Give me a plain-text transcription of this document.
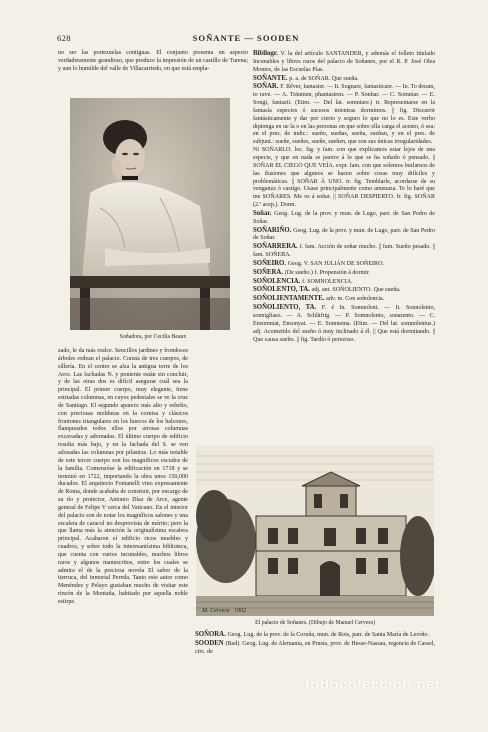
628	SOÑANTE — SOODEN

no ser las portezuelas contiguas. El conjunto presenta un aspecto verdaderamente grandioso, que produce la impresión de un castillo de Turena; y aun lo humilde del valle de Villacarriedo, en que está empla-

Soñadora, por Cecilia Beaux

zado, le da más realce. Sencillos jardines y frondosos árboles rodean el palacio. Consta de tres cuerpos, de sillería. En el centro se alza la antigua torre de los Arce. Las fachadas N. y poniente están sin concluir, y de las otras dos es difícil asegurar cuál sea la principal. El primer cuerpo, muy elegante, tiene estriadas columnas, en cuyos pedestales se ve la cruz de Santiago. El segundo aparece más alto y esbelto, con preciosas molduras en la cornisa y clásicos frontones triangulares en los huecos de los balcones, flanqueados todos ellos por airosas columnas excavadas y adornadas. El último cuerpo de edificio resulta más bajo, y en la fachada del S. se ven adosadas las columnas por pilastras. Lo más notable de este tercer cuerpo son los magníficos escudos de la familia. Comenzóse la edificación en 1718 y se terminó en 1722, importando la obra unos 150,000 ducados. El arquitecto Fontanelli vino expresamente de Roma, donde acababa de construir, por encargo de su tío y protector, Antonio Díaz de Arce, agente general de Felipe V cerca del Vaticano. En el interior del palacio son de notar los magníficos salones y una escalera de caracol no desprovista de mérito; pero la que llama más la atención la originalísima escalera principal. Acabaron el edificio ricos muebles y cuadros, y sobre todo la interesantísima biblioteca, que cuenta con varios incunables, muchos libros raros y algunos manuscritos, entre los cuales se admira el de la preciosa novela El sabor de la tierruca, del inmortal Pereda. Tanto este autor como Menéndez y Pelayo gustaban mucho de visitar este rincón de la Montaña, habitado por aquella noble estirpe.

Bibliogr. V. la del artículo SANTANDER, y además el folleto titulado Incunables y libros raros del palacio de Soñanes, por el R. P. José Olea Montes, de las Escuelas Pías.

SOÑANTE. p. a. de SOÑAR. Que sueña.

SOÑAR. F. Rêver, fantasier. — It. Sognare, fantasticare. — In. To dream, to rave. — A. Träumen, phantasiren. — P. Sonhar. — C. Somniar. — E. Songi, fantazii. (Etim. — Del lat. somniare.) tr. Representarse en la fantasía especies ó sucesos mientras dormimos. || fig. Discurrir fantásticamente y dar por cierto y seguro lo que no lo es. Este verbo diptonga en ue la o en las personas en que sobre ella carga el acento, ó sea: en el pres. de indic.: sueño, sueñas, sueña, sueñan, y en el pres. de subjunt.: sueñe, sueñes, sueñe, sueñen, que son sus únicas irregularidades.

Ni SOÑARLO. loc. fig. y fam. con que explicamos estar lejos de una especie, y que en nada se parece á lo que se ha soñado ó pensado. || SOÑAR EL CIEGO QUE VEÍA. expr. fam. con que solemos burlarnos de las ilusiones que algunos se hacen sobre cosas muy difíciles y problemáticas. || SOÑAR Á UNO. tr. fig. Temblarle, acordarse de su venganza ó castigo. Usase principalmente como amenaza. Te lo haré que me SOÑARES. Me os á soñar. || SOÑAR DESPIERTO. fr. fig. SOÑAR (2.ª acep.). Dorm.

Soñar. Geog. Lug. de la prov. y mun. de Lugo, parr. de San Pedro de Soñar.

SOÑARIÑO. Geog. Lug. de la prov. y mun. de Lugo, parr. de San Pedro de Soñar.

SOÑARRERA. f. fam. Acción de soñar mucho. || fam. Sueño pesado. || fam. SOÑERA.

SOÑEIRO. Geog. V. SAN JULIÁN DE SOÑEIRO.

SOÑERA. (De sueño.) f. Propensión á dormir.

SOÑOLENCIA. f. SOMNOLENCIA.

SOÑOLENTO, TA. adj. ant. SOÑOLIENTO. Que sueña.

SOÑOLIENTAMENTE. adv. m. Con soñolencia.

SOÑOLIENTO, TA. F. é In. Somnolent. — It. Sonnolento, sonnigliaso. — A. Schläfrig. — P. Somnolento, sonarento. — C. Ensomniat, Ensonyat. — E. Somnema. (Etim. — Del lat. somnolentus.) adj. Acometido del sueño ó muy inclinado á él. || Que está dormitando. || Que causa sueño. || fig. Tardío ó perezoso.

M. Cervera · 1902
El palacio de Soñanes. (Dibujo de Manuel Cervera)

SOÑORA. Geog. Lug. de la prov. de la Coruña, mun. de Rois, parr. de Santa María de Leroño.

SOODEN (Bad). Geog. Lug. de Alemania, en Prusia, prov. de Hesse-Nassau, regencia de Cassel, circ. de

todocoleccion.net
